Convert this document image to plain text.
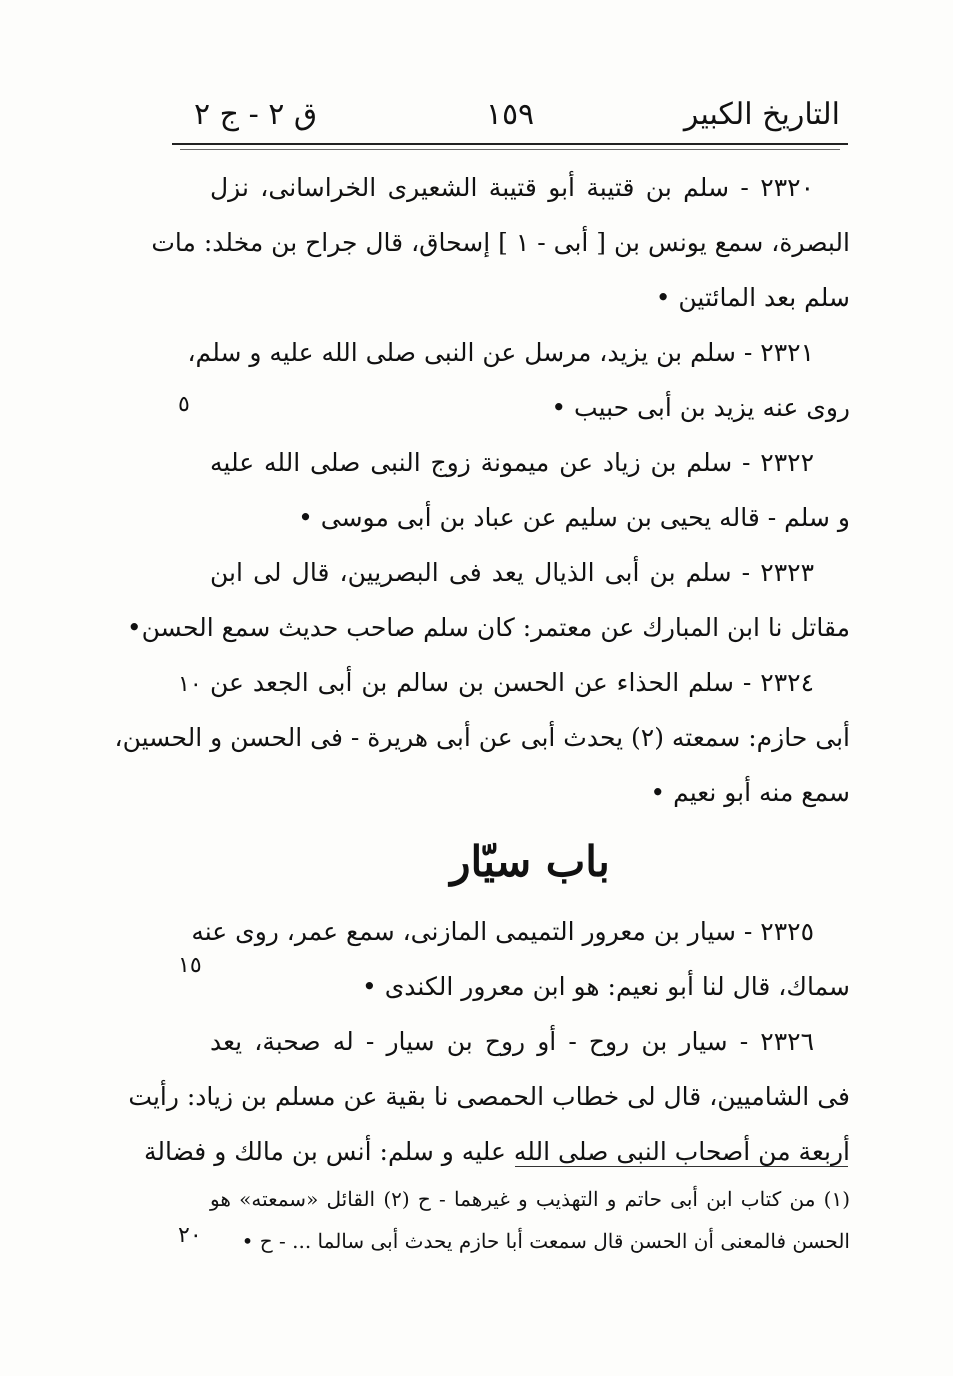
التاريخ الكبير
١٥٩
ق ٢ - ج ٢
٢٣٢٠ - سلم بن قتيبة أبو قتيبة الشعيرى الخراسانى، نزل
البصرة، سمع يونس بن [ أبى - ١ ] إسحاق، قال جراح بن مخلد: مات
سلم بعد المائتين •
٢٣٢١ - سلم بن يزيد، مرسل عن النبى صلى الله عليه و سلم،
روى عنه يزيد بن أبى حبيب •
٢٣٢٢ - سلم بن زياد عن ميمونة زوج النبى صلى الله عليه
و سلم - قاله يحيى بن سليم عن عباد بن أبى موسى •
٢٣٢٣ - سلم بن أبى الذيال يعد فى البصريين، قال لى ابن
مقاتل نا ابن المبارك عن معتمر: كان سلم صاحب حديث سمع الحسن•
٢٣٢٤ - سلم الحذاء عن الحسن بن سالم بن أبى الجعد عن
أبى حازم: سمعته (٢) يحدث أبى عن أبى هريرة - فى الحسن و الحسين،
سمع منه أبو نعيم •
باب سيّار
٢٣٢٥ - سيار بن معرور التميمى المازنى، سمع عمر، روى عنه
سماك، قال لنا أبو نعيم: هو ابن معرور الكندى •
٢٣٢٦ - سيار بن روح - أو روح بن سيار - له صحبة، يعد
فى الشاميين، قال لى خطاب الحمصى نا بقية عن مسلم بن زياد: رأيت
أربعة من أصحاب النبى صلى الله عليه و سلم: أنس بن مالك و فضالة
٥
١٠
١٥
٢٠
(١) من كتاب ابن أبى حاتم و التهذيب و غيرهما - ح (٢) القائل «سمعته» هو
الحسن فالمعنى أن الحسن قال سمعت أبا حازم يحدث أبى سالما ... - ح •
